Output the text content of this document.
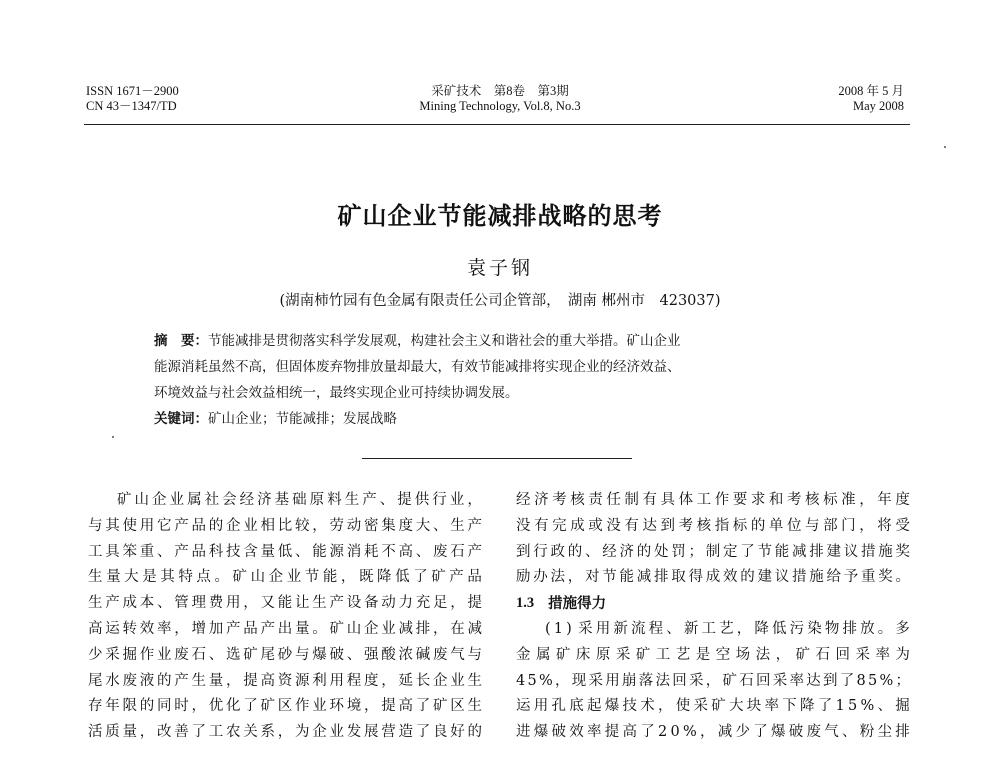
ISSN 1671－2900
CN 43－1347/TD
采矿技术　第8卷　第3期
Mining Technology, Vol.8, No.3
2008 年 5 月
May 2008
矿山企业节能减排战略的思考
袁子钢
(湖南柿竹园有色金属有限责任公司企管部，　湖南 郴州市　423037)
摘　要：节能减排是贯彻落实科学发展观，构建社会主义和谐社会的重大举措。矿山企业
能源消耗虽然不高，但固体废弃物排放量却最大，有效节能减排将实现企业的经济效益、
环境效益与社会效益相统一，最终实现企业可持续协调发展。
关键词：矿山企业；节能减排；发展战略
矿 山 企 业 属 社 会 经 济 基 础 原 料 生 产 、 提 供 行 业 ，
与 其 使 用 它 产 品 的 企 业 相 比 较 ， 劳 动 密 集 度 大 、 生 产
工 具 笨 重 、 产 品 科 技 含 量 低 、 能 源 消 耗 不 高 、 废 石 产
生 量 大 是 其 特 点 。 矿 山 企 业 节 能 ， 既 降 低 了 矿 产 品
生 产 成 本 、 管 理 费 用 ， 又 能 让 生 产 设 备 动 力 充 足 ， 提
高 运 转 效 率 ， 增 加 产 品 产 出 量 。 矿 山 企 业 减 排 ， 在 减
少 采 掘 作 业 废 石 、 选 矿 尾 砂 与 爆 破 、 强 酸 浓 碱 废 气 与
尾 水 废 液 的 产 生 量 ， 提 高 资 源 利 用 程 度 ， 延 长 企 业 生
存 年 限 的 同 时 ， 优 化 了 矿 区 作 业 环 境 ， 提 高 了 矿 区 生
活 质 量 ， 改 善 了 工 农 关 系 ， 为 企 业 发 展 营 造 了 良 好 的
经 济 考 核 责 任 制 有 具 体 工 作 要 求 和 考 核 标 准 ， 年 度
没 有 完 成 或 没 有 达 到 考 核 指 标 的 单 位 与 部 门 ， 将 受
到 行 政 的 、 经 济 的 处 罚 ； 制 定 了 节 能 减 排 建 议 措 施 奖
励 办 法 ， 对 节 能 减 排 取 得 成 效 的 建 议 措 施 给 予 重 奖 。
1.3 措施得力
( 1 ) 采 用 新 流 程 、 新 工 艺 ， 降 低 污 染 物 排 放 。 多
金 属 矿 床 原 采 矿 工 艺 是 空 场 法 ， 矿 石 回 采 率 为
4 5 % ， 现 采 用 崩 落 法 回 采 ， 矿 石 回 采 率 达 到 了 8 5 % ；
运 用 孔 底 起 爆 技 术 ， 使 采 矿 大 块 率 下 降 了 1 5 % 、 掘
进 爆 破 效 率 提 高 了 2 0 % ， 减 少 了 爆 破 废 气 、 粉 尘 排
